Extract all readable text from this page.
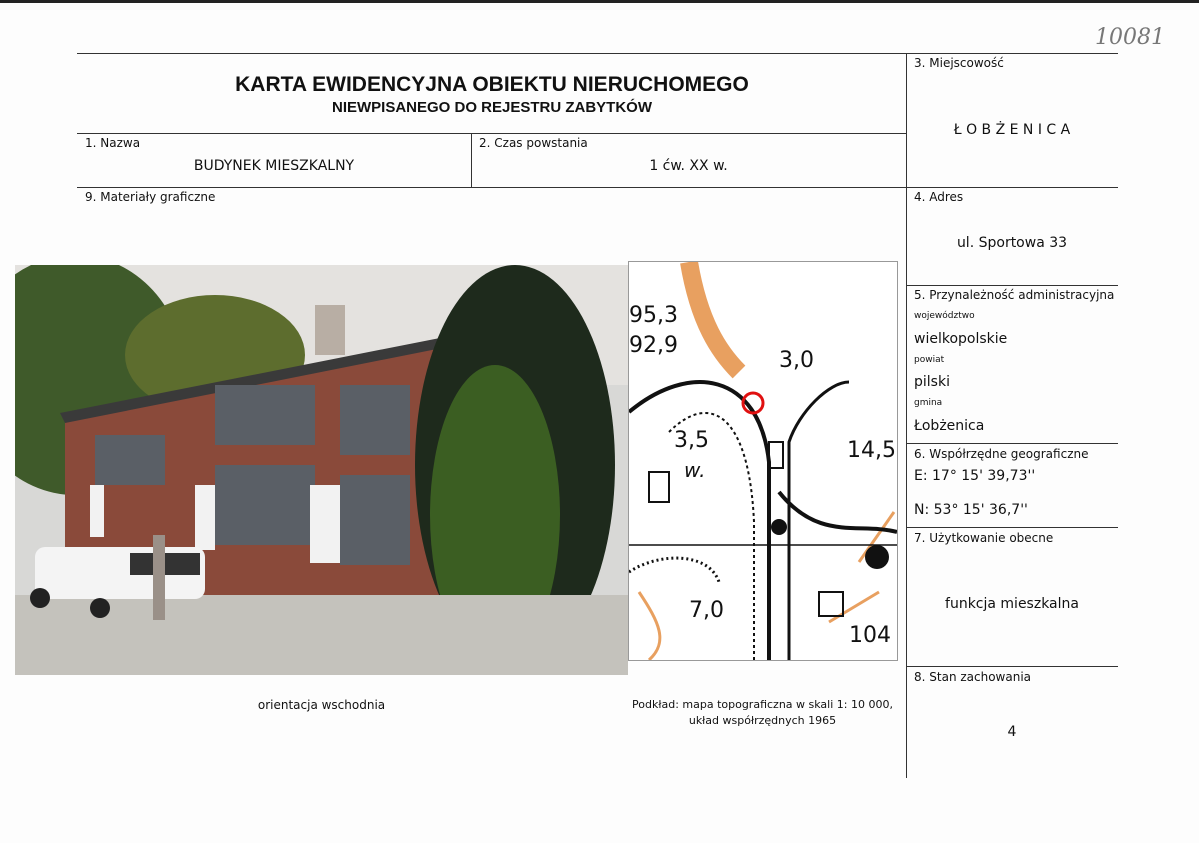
10081
KARTA EWIDENCYJNA OBIEKTU NIERUCHOMEGO
NIEWPISANEGO DO REJESTRU ZABYTKÓW
1. Nazwa
BUDYNEK MIESZKALNY
2. Czas powstania
1 ćw. XX w.
3. Miejscowość
Ł O B Ż E N I C A
4. Adres
ul. Sportowa 33
5. Przynależność administracyjna
województwo
wielkopolskie
powiat
pilski
gmina
Łobżenica
6. Współrzędne geograficzne
E: 17° 15' 39,73''
N: 53° 15' 36,7''
7. Użytkowanie obecne
funkcja mieszkalna
8. Stan zachowania
4
9. Materiały graficzne
95,3
92,9
3,0
3,5
w.
14,5
7,0
104
orientacja wschodnia	Podkład: mapa topograficzna w skali 1: 10 000,
układ współrzędnych 1965
